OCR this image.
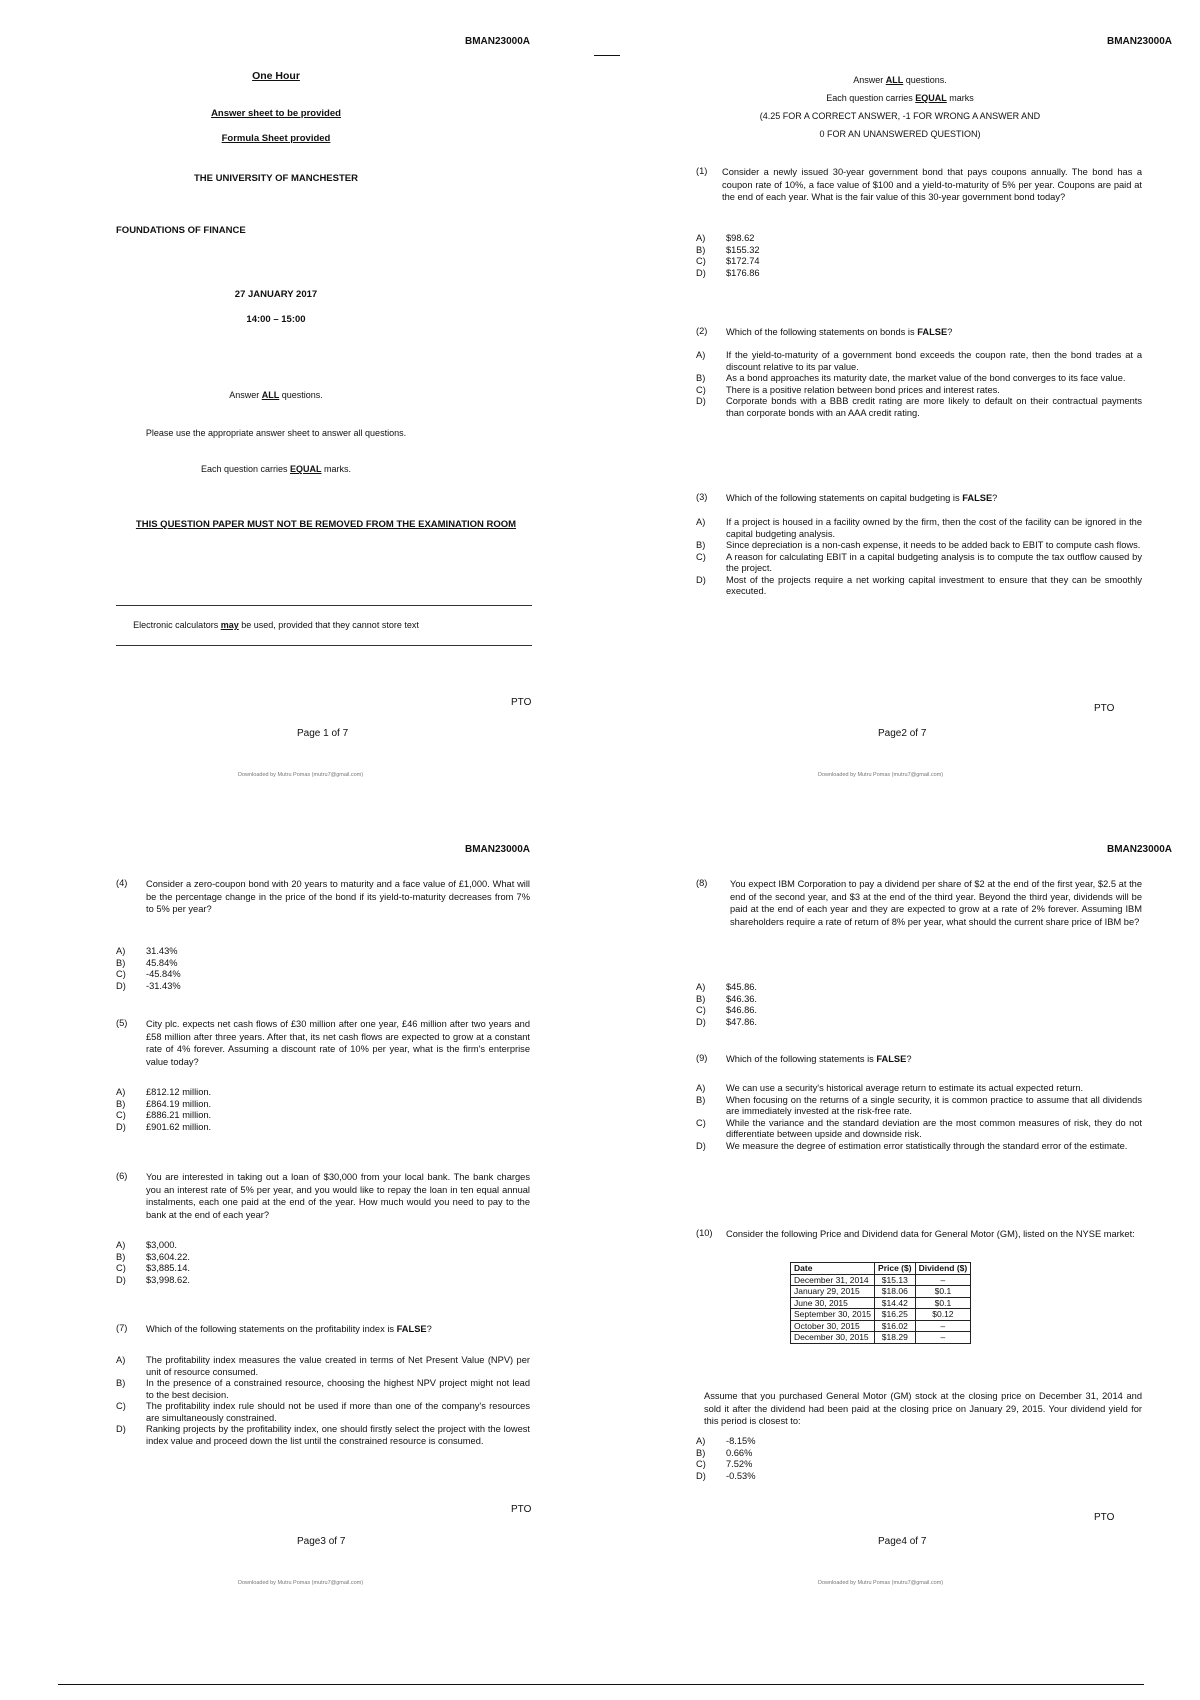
BMAN23000A
One Hour
Answer sheet to be provided
Formula Sheet provided
THE UNIVERSITY OF MANCHESTER
FOUNDATIONS OF FINANCE
27 JANUARY 2017
14:00 – 15:00
Answer ALL questions.
Please use the appropriate answer sheet to answer all questions.
Each question carries EQUAL marks.
THIS QUESTION PAPER MUST NOT BE REMOVED FROM THE EXAMINATION ROOM
Electronic calculators may be used, provided that they cannot store text
PTO
Page 1 of 7
Downloaded by Mutru Pomas (mutru7@gmail.com)
BMAN23000A
Answer ALL questions.
Each question carries EQUAL marks
(4.25 FOR A CORRECT ANSWER, -1 FOR WRONG A ANSWER AND
0 FOR AN UNANSWERED QUESTION)
(1)	Consider a newly issued 30-year government bond that pays coupons annually. The bond has a coupon rate of 10%, a face value of $100 and a yield-to-maturity of 5% per year. Coupons are paid at the end of each year. What is the fair value of this 30-year government bond today?
A)	$98.62
B)	$155.32
C)	$172.74
D)	$176.86
(2)	Which of the following statements on bonds is FALSE?
A)	If the yield-to-maturity of a government bond exceeds the coupon rate, then the bond trades at a discount relative to its par value.
B)	As a bond approaches its maturity date, the market value of the bond converges to its face value.
C)	There is a positive relation between bond prices and interest rates.
D)	Corporate bonds with a BBB credit rating are more likely to default on their contractual payments than corporate bonds with an AAA credit rating.
(3)	Which of the following statements on capital budgeting is FALSE?
A)	If a project is housed in a facility owned by the firm, then the cost of the facility can be ignored in the capital budgeting analysis.
B)	Since depreciation is a non-cash expense, it needs to be added back to EBIT to compute cash flows.
C)	A reason for calculating EBIT in a capital budgeting analysis is to compute the tax outflow caused by the project.
D)	Most of the projects require a net working capital investment to ensure that they can be smoothly executed.
PTO
Page2 of 7
Downloaded by Mutru Pomas (mutru7@gmail.com)
BMAN23000A
(4)	Consider a zero-coupon bond with 20 years to maturity and a face value of £1,000. What will be the percentage change in the price of the bond if its yield-to-maturity decreases from 7% to 5% per year?
A)	31.43%
B)	45.84%
C)	-45.84%
D)	-31.43%
(5)	City plc. expects net cash flows of £30 million after one year, £46 million after two years and £58 million after three years. After that, its net cash flows are expected to grow at a constant rate of 4% forever. Assuming a discount rate of 10% per year, what is the firm's enterprise value today?
A)	£812.12 million.
B)	£864.19 million.
C)	£886.21 million.
D)	£901.62 million.
(6)	You are interested in taking out a loan of $30,000 from your local bank. The bank charges you an interest rate of 5% per year, and you would like to repay the loan in ten equal annual instalments, each one paid at the end of the year. How much would you need to pay to the bank at the end of each year?
A)	$3,000.
B)	$3,604.22.
C)	$3,885.14.
D)	$3,998.62.
(7)	Which of the following statements on the profitability index is FALSE?
A)	The profitability index measures the value created in terms of Net Present Value (NPV) per unit of resource consumed.
B)	In the presence of a constrained resource, choosing the highest NPV project might not lead to the best decision.
C)	The profitability index rule should not be used if more than one of the company's resources are simultaneously constrained.
D)	Ranking projects by the profitability index, one should firstly select the project with the lowest index value and proceed down the list until the constrained resource is consumed.
PTO
Page3 of 7
Downloaded by Mutru Pomas (mutru7@gmail.com)
BMAN23000A
(8)	You expect IBM Corporation to pay a dividend per share of $2 at the end of the first year, $2.5 at the end of the second year, and $3 at the end of the third year. Beyond the third year, dividends will be paid at the end of each year and they are expected to grow at a rate of 2% forever. Assuming IBM shareholders require a rate of return of 8% per year, what should the current share price of IBM be?
A)	$45.86.
B)	$46.36.
C)	$46.86.
D)	$47.86.
(9)	Which of the following statements is FALSE?
A)	We can use a security's historical average return to estimate its actual expected return.
B)	When focusing on the returns of a single security, it is common practice to assume that all dividends are immediately invested at the risk-free rate.
C)	While the variance and the standard deviation are the most common measures of risk, they do not differentiate between upside and downside risk.
D)	We measure the degree of estimation error statistically through the standard error of the estimate.
(10)	Consider the following Price and Dividend data for General Motor (GM), listed on the NYSE market:
Date	Price ($)	Dividend ($)
December 31, 2014	$15.13	–
January 29, 2015	$18.06	$0.1
June 30, 2015	$14.42	$0.1
September 30, 2015	$16.25	$0.12
October 30, 2015	$16.02	–
December 30, 2015	$18.29	–
Assume that you purchased General Motor (GM) stock at the closing price on December 31, 2014 and sold it after the dividend had been paid at the closing price on January 29, 2015. Your dividend yield for this period is closest to:
A)	-8.15%
B)	0.66%
C)	7.52%
D)	-0.53%
PTO
Page4 of 7
Downloaded by Mutru Pomas (mutru7@gmail.com)
